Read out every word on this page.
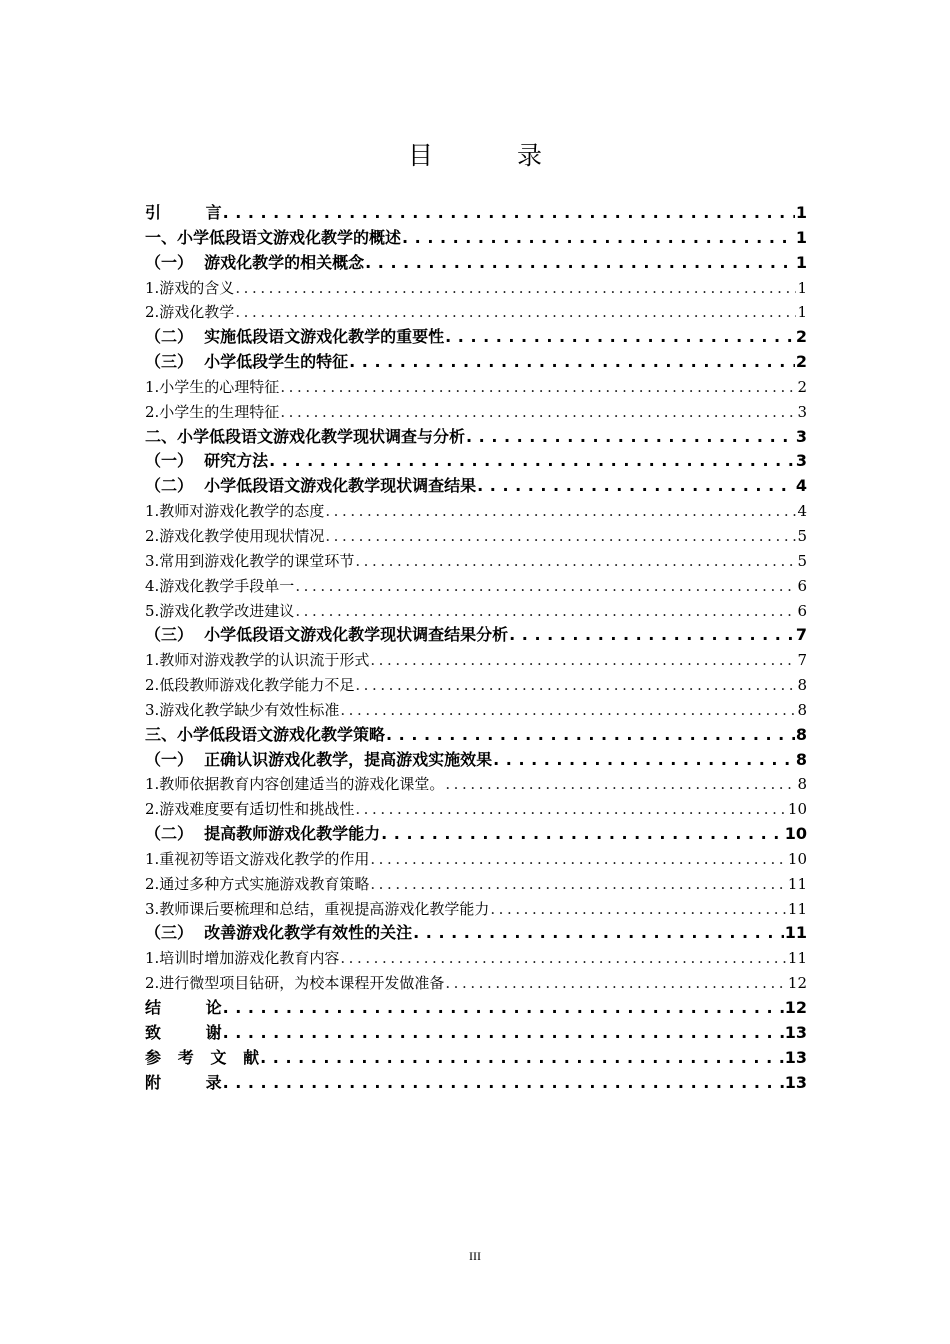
目 录
引        言 . . .	1
一、小学低段语文游戏化教学的概述 . . .	1
（一）  游戏化教学的相关概念 . . .	1
1.游戏的含义 . . .	1
2.游戏化教学 . . .	1
（二）  实施低段语文游戏化教学的重要性 . . .	2
（三）  小学低段学生的特征 . . .	2
1.小学生的心理特征 . . .	2
2.小学生的生理特征 . . .	3
二、小学低段语文游戏化教学现状调查与分析 . . .	3
（一）  研究方法 . . .	3
（二）  小学低段语文游戏化教学现状调查结果 . . .	4
1.教师对游戏化教学的态度 . . .	4
2.游戏化教学使用现状情况 . . .	5
3.常用到游戏化教学的课堂环节 . . .	5
4.游戏化教学手段单一 . . .	6
5.游戏化教学改进建议 . . .	6
（三）  小学低段语文游戏化教学现状调查结果分析 . . .	7
1.教师对游戏教学的认识流于形式 . . .	7
2.低段教师游戏化教学能力不足 . . .	8
3.游戏化教学缺少有效性标准 . . .	8
三、小学低段语文游戏化教学策略 . . .	8
（一）  正确认识游戏化教学，提高游戏实施效果 . . .	8
1.教师依据教育内容创建适当的游戏化课堂。 . . .	8
2.游戏难度要有适切性和挑战性 . . .	10
（二）  提高教师游戏化教学能力 . . .	10
1.重视初等语文游戏化教学的作用 . . .	10
2.通过多种方式实施游戏教育策略 . . .	11
3.教师课后要梳理和总结，重视提高游戏化教学能力 . . .	11
（三）  改善游戏化教学有效性的关注 . . .	11
1.培训时增加游戏化教育内容 . . .	11
2.进行微型项目钻研，为校本课程开发做准备 . . .	12
结        论 . . .	12
致        谢 . . .	13
参   考   文   献 . . .	13
附        录 . . .	13
III
